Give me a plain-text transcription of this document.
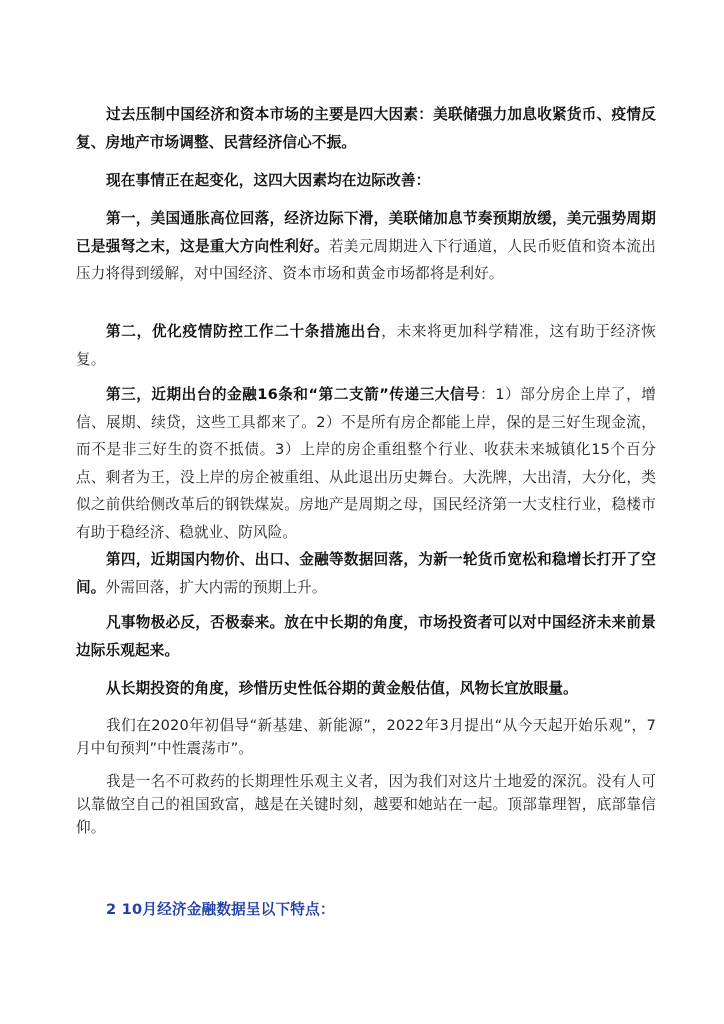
过去压制中国经济和资本市场的主要是四大因素：美联储强力加息收紧货币、疫情反复、房地产市场调整、民营经济信心不振。

现在事情正在起变化，这四大因素均在边际改善：

第一，美国通胀高位回落，经济边际下滑，美联储加息节奏预期放缓，美元强势周期已是强弩之末，这是重大方向性利好。若美元周期进入下行通道，人民币贬值和资本流出压力将得到缓解，对中国经济、资本市场和黄金市场都将是利好。

第二，优化疫情防控工作二十条措施出台，未来将更加科学精准，这有助于经济恢复。

第三，近期出台的金融16条和“第二支箭”传递三大信号：1）部分房企上岸了，增信、展期、续贷，这些工具都来了。2）不是所有房企都能上岸，保的是三好生现金流，而不是非三好生的资不抵债。3）上岸的房企重组整个行业、收获未来城镇化15个百分点、剩者为王，没上岸的房企被重组、从此退出历史舞台。大洗牌，大出清，大分化，类似之前供给侧改革后的钢铁煤炭。房地产是周期之母，国民经济第一大支柱行业，稳楼市有助于稳经济、稳就业、防风险。

第四，近期国内物价、出口、金融等数据回落，为新一轮货币宽松和稳增长打开了空间。外需回落，扩大内需的预期上升。

凡事物极必反，否极泰来。放在中长期的角度，市场投资者可以对中国经济未来前景边际乐观起来。

从长期投资的角度，珍惜历史性低谷期的黄金般估值，风物长宜放眼量。

我们在2020年初倡导“新基建、新能源”，2022年3月提出“从今天起开始乐观”，7月中旬预判”中性震荡市”。

我是一名不可救药的长期理性乐观主义者，因为我们对这片土地爱的深沉。没有人可以靠做空自己的祖国致富，越是在关键时刻，越要和她站在一起。顶部靠理智，底部靠信仰。

2 10月经济金融数据呈以下特点：
